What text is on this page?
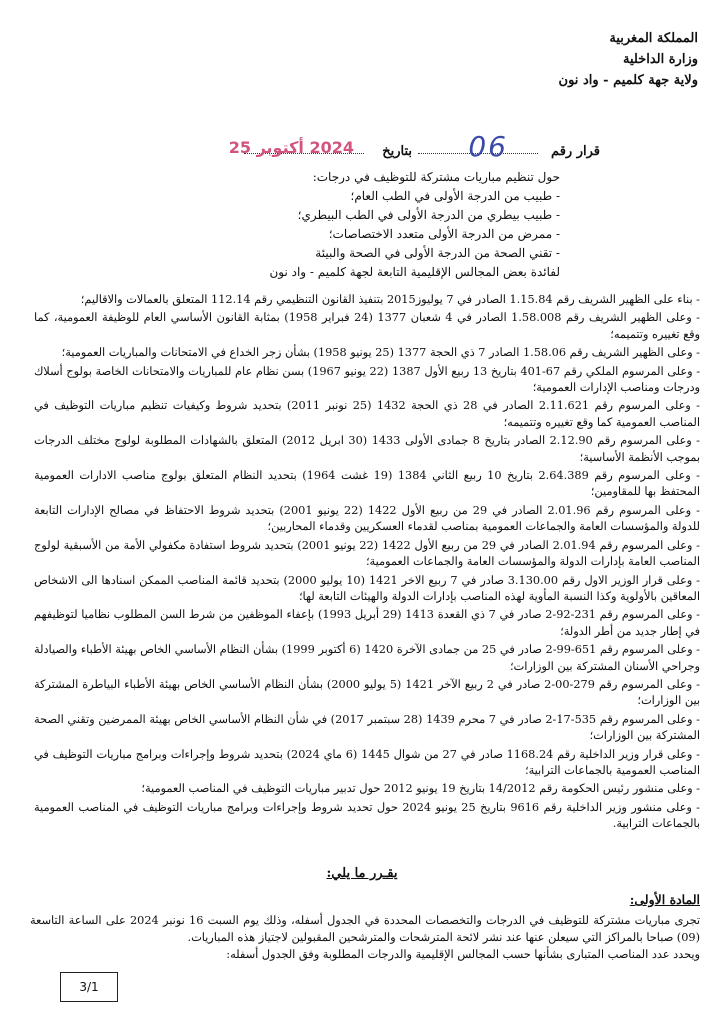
المملكة المغربية
وزارة الداخلية
ولاية جهة كلميم - واد نون
قرار رقم
06
بتاريخ
2024 أكتوبر 25
حول تنظيم مباريات مشتركة للتوظيف في درجات:
- طبيب من الدرجة الأولى في الطب العام؛
- طبيب بيطري من الدرجة الأولى في الطب البيطري؛
- ممرض من الدرجة الأولى متعدد الاختصاصات؛
- تقني الصحة من الدرجة الأولى في الصحة والبيئة
لفائدة بعض المجالس الإقليمية التابعة لجهة كلميم - واد نون

- بناء على الظهير الشريف رقم 1.15.84 الصادر في 7 يوليوز2015 بتنفيذ القانون التنظيمي رقم 112.14 المتعلق بالعمالات والاقاليم؛

- وعلى الظهير الشريف رقم 1.58.008 الصادر في 4 شعبان 1377 (24 فبراير 1958) بمثابة القانون الأساسي العام للوظيفة العمومية، كما وقع تغييره وتتميمه؛

- وعلى الظهير الشريف رقم 1.58.06 الصادر 7 ذي الحجة 1377 (25 يونيو 1958) بشأن زجر الخداع في الامتحانات والمباريات العمومية؛

- وعلى المرسوم الملكي رقم 67-401 بتاريخ 13 ربيع الأول 1387 (22 يونيو 1967) بسن نظام عام للمباريات والامتحانات الخاصة بولوج أسلاك ودرجات ومناصب الإدارات العمومية؛

- وعلى المرسوم رقم 2.11.621 الصادر في 28 ذي الحجة 1432 (25 نونبر 2011) بتحديد شروط وكيفيات تنظيم مباريات التوظيف في المناصب العمومية كما وقع تغييره وتتميمه؛

- وعلى المرسوم رقم 2.12.90 الصادر بتاريخ 8 جمادى الأولى 1433 (30 ابريل 2012) المتعلق بالشهادات المطلوبة لولوج مختلف الدرجات بموجب الأنظمة الأساسية؛

- وعلى المرسوم رقم 2.64.389 بتاريخ 10 ربيع الثاني 1384 (19 غشت 1964) بتحديد النظام المتعلق بولوج مناصب الادارات العمومية المحتفظ بها للمقاومين؛

- وعلى المرسوم رقم 2.01.96 الصادر في 29 من ربيع الأول 1422 (22 يونيو 2001) بتحديد شروط الاحتفاظ في مصالح الإدارات التابعة للدولة والمؤسسات العامة والجماعات العمومية بمناصب لقدماء العسكريين وقدماء المحاربين؛

- وعلى المرسوم رقم 2.01.94 الصادر في 29 من ربيع الأول 1422 (22 يونيو 2001) بتحديد شروط استفادة مكفولي الأمة من الأسبقية لولوج المناصب العامة بإدارات الدولة والمؤسسات العامة والجماعات العمومية؛

- وعلى قرار الوزير الاول رقم 3.130.00 صادر في 7 ربيع الاخر 1421 (10 يوليو 2000) بتحديد قائمة المناصب الممكن اسنادها الى الاشخاص المعاقين بالأولوية وكذا النسبة المأوية لهذه المناصب بإدارات الدولة والهيئات التابعة لها؛

- وعلى المرسوم رقم 231-92-2 صادر في 7 ذي القعدة 1413 (29 أبريل 1993) بإعفاء الموظفين من شرط السن المطلوب نظاميا لتوظيفهم في إطار جديد من أطر الدولة؛

- وعلى المرسوم رقم 651-99-2 صادر في 25 من جمادى الآخرة 1420 (6 أكتوبر 1999) بشأن النظام الأساسي الخاص بهيئة الأطباء والصيادلة وجراحي الأسنان المشتركة بين الوزارات؛

- وعلى المرسوم رقم 279-00-2 صادر في 2 ربيع الآخر 1421 (5 يوليو 2000) بشأن النظام الأساسي الخاص بهيئة الأطباء البياطرة المشتركة بين الوزارات؛

- وعلى المرسوم رقم 535-17-2 صادر في 7 محرم 1439 (28 سبتمبر 2017) في شأن النظام الأساسي الخاص بهيئة الممرضين وتقني الصحة المشتركة بين الوزارات؛

- وعلى قرار وزير الداخلية رقم 1168.24 صادر في 27 من شوال 1445 (6 ماي 2024) بتحديد شروط وإجراءات وبرامج مباريات التوظيف في المناصب العمومية بالجماعات الترابية؛

- وعلى منشور رئيس الحكومة رقم 14/2012 بتاريخ 19 يونيو 2012 حول تدبير مباريات التوظيف في المناصب العمومية؛

- وعلى منشور وزير الداخلية رقم 9616 بتاريخ 25 يونيو 2024 حول تحديد شروط وإجراءات وبرامج مباريات التوظيف في المناصب العمومية بالجماعات الترابية.

يقـرر ما يلي:
المادة الأولى:

تجرى مباريات مشتركة للتوظيف في الدرجات والتخصصات المحددة في الجدول أسفله، وذلك يوم السبت 16 نونبر 2024 على الساعة التاسعة (09) صباحا بالمراكز التي سيعلن عنها عند نشر لائحة المترشحات والمترشحين المقبولين لاجتياز هذه المباريات.

ويحدد عدد المناصب المتبارى بشأنها حسب المجالس الإقليمية والدرجات المطلوبة وفق الجدول أسفله:

3/1
